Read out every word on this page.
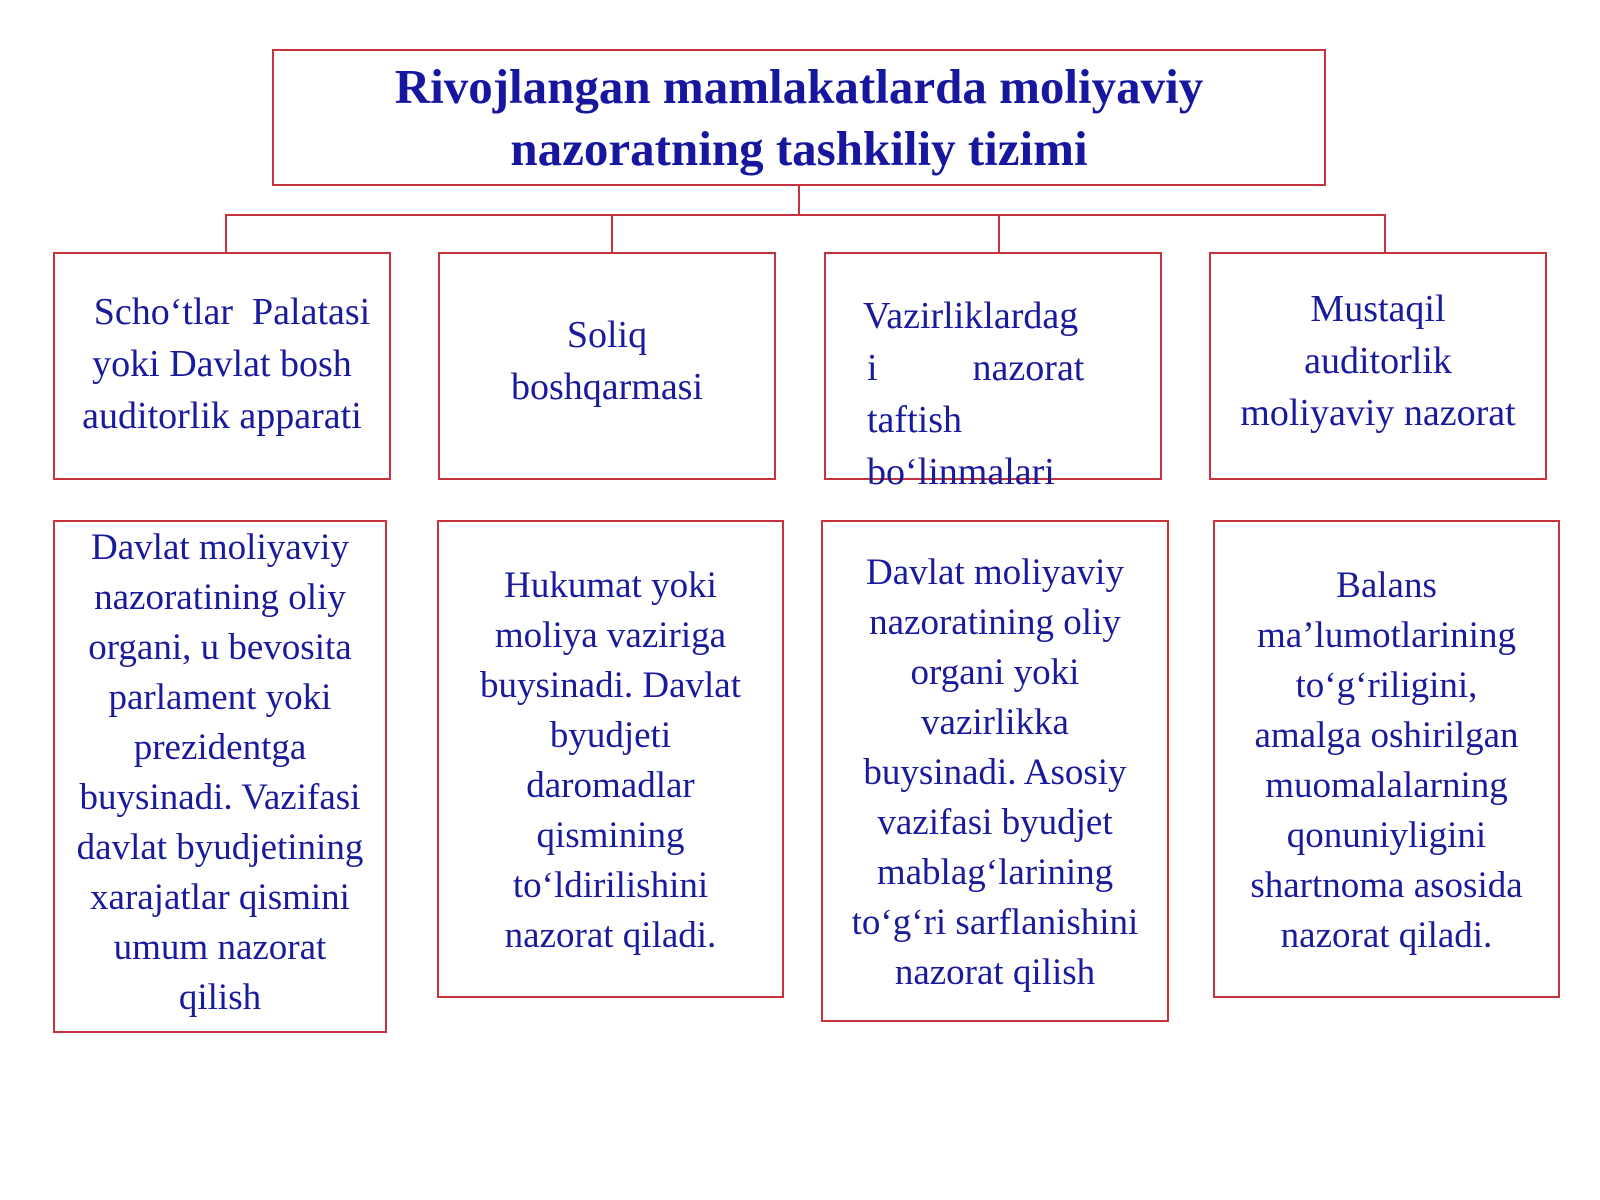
Rivojlangan mamlakatlarda moliyaviy
nazoratning tashkiliy tizimi

Scho‘tlar  Palatasi
yoki Davlat bosh
auditorlik apparati
Soliq
boshqarmasi
Vazirliklardag
i          nazorat
taftish
bo‘linmalari
Mustaqil
auditorlik
moliyaviy nazorat
Davlat moliyaviy
nazoratining oliy
organi, u bevosita
parlament yoki
prezidentga
buysinadi. Vazifasi
davlat byudjetining
xarajatlar qismini
umum nazorat
qilish
Hukumat yoki
moliya vaziriga
buysinadi. Davlat
byudjeti
daromadlar
qismining
to‘ldirilishini
nazorat qiladi.
Davlat moliyaviy
nazoratining oliy
organi yoki
vazirlikka
buysinadi. Asosiy
vazifasi byudjet
mablag‘larining
to‘g‘ri sarflanishini
nazorat qilish
Balans
ma’lumotlarining
to‘g‘riligini,
amalga oshirilgan
muomalalarning
qonuniyligini
shartnoma asosida
nazorat qiladi.
